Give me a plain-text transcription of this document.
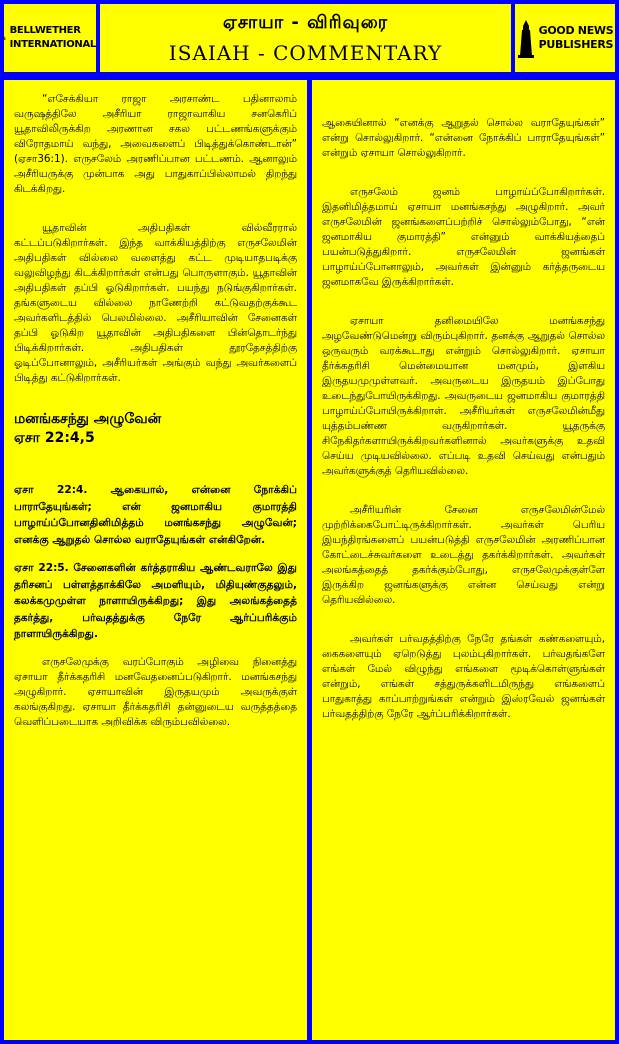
BELLWETHER
INTERNATIONAL
ஏசாயா - விரிவுரை
ISAIAH - COMMENTARY
GOOD NEWS
PUBLISHERS

“எசேக்கியா ராஜா அரசாண்ட பதினாலாம் வருஷத்திலே அசீரியா ராஜாவாகிய சனகெரிப் யூதாவிலிருக்கிற அரணான சகல பட்டணங்களுக்கும் விரோதமாய் வந்து, அவைகளைப் பிடித்துக்கொண்டான்” (ஏசா36:1). எருசலேம் அரணிப்பான பட்டணம். ஆனாலும் அசீரியருக்கு முன்பாக அது பாதுகாப்பில்லாமல் திறந்து கிடக்கிறது.

யூதாவின் அதிபதிகள் வில்வீரரால் கட்டப்படுகிறார்கள். இந்த வாக்கியத்திற்கு எருசலேமின் அதிபதிகள் வில்லை வளைத்து கட்ட முடியாதபடிக்கு வலுவிழந்து கிடக்கிறார்கள் என்பது பொருளாகும். யூதாவின் அதிபதிகள் தப்பி ஓடுகிறார்கள். பயந்து நடுங்குகிறார்கள். தங்களுடைய வில்லை நாணேற்றி கட்டுவதற்குக்கூட அவர்களிடத்தில் பெலமில்லை. அசீரியாவின் சேனைகள் தப்பி ஓடுகிற யூதாவின் அதிபதிகளை பின்தொடர்ந்து பிடிக்கிறார்கள். அதிபதிகள் தூரதேசத்திற்கு ஓடிப்போனாலும், அசீரியர்கள் அங்கும் வந்து அவர்களைப் பிடித்து கட்டுகிறார்கள்.

மனங்கசந்து அழுவேன்
ஏசா 22:4,5

ஏசா 22:4. ஆகையால், என்னை நோக்கிப் பாராதேயுங்கள்; என் ஜனமாகிய குமாரத்தி பாழாய்ப்போனதினிமித்தம் மனங்கசந்து அழுவேன்; எனக்கு ஆறுதல் சொல்ல வராதேயுங்கள் என்கிறேன்.

ஏசா 22:5. சேனைகளின் கர்த்தராகிய ஆண்டவராலே இது தரிசனப் பள்ளத்தாக்கிலே அமளியும், மிதியுண்குதலும், கலக்கமுமுள்ள நாளாயிருக்கிறது; இது அலங்கத்தைத் தகர்த்து, பர்வதத்துக்கு நேரே ஆர்ப்பரிக்கும் நாளாயிருக்கிறது.

எருசலேமுக்கு வரப்போகும் அழிவை நினைத்து ஏசாயா தீர்க்கதரிசி மனவேதனைப்படுகிறார். மனங்கசந்து அழுகிறார். ஏசாயாவின் இருதயமும் அவருக்குள் கலங்குகிறது. ஏசாயா தீர்க்கதரிசி தன்னுடைய வருத்தத்தை வெளிப்படையாக அறிவிக்க விரும்பவில்லை.

ஆகையினால் “எனக்கு ஆறுதல் சொல்ல வராதேயுங்கள்” என்று சொல்லுகிறார். “என்னை நோக்கிப் பாராதேயுங்கள்” என்றும் ஏசாயா சொல்லுகிறார்.

எருசலேம் ஜனம் பாழாய்ப்போகிறார்கள். இதனிமித்தமாய் ஏசாயா மனங்கசந்து அழுகிறார். அவர் எருசலேமின் ஜனங்களைப்பற்றிச் சொல்லும்போது, “என் ஜனமாகிய குமாரத்தி” என்னும் வாக்கியத்தைப் பயன்படுத்துகிறார். எருசலேமின் ஜனங்கள் பாழாய்ப்போனாலும், அவர்கள் இன்னும் கர்த்தருடைய ஜனமாகவே இருக்கிறார்கள்.

ஏசாயா தனிமையிலே மனங்கசந்து அழவேண்டுமென்று விரும்புகிறார். தனக்கு ஆறுதல் சொல்ல ஒருவரும் வரக்கூடாது என்றும் சொல்லுகிறார். ஏசாயா தீர்க்கதரிசி மென்மையான மனமும், இளகிய இருதயமுமுள்ளவர். அவருடைய இருதயம் இப்போது உடைந்துபோயிருக்கிறது. அவருடைய ஜனமாகிய குமாரத்தி பாழாய்ப்போயிருக்கிறாள். அசீரியர்கள் எருசலேமின்மீது யுத்தம்பண்ண வருகிறார்கள். யூதருக்கு சிநேகிதர்களாயிருக்கிறவர்களினால் அவர்களுக்கு உதவி செய்ய முடியவில்லை. எப்படி உதவி செய்வது என்பதும் அவர்களுக்குத் தெரியவில்லை.

அசீரியரின் சேனை எருசலேமின்மேல் முற்றிக்கைபோட்டிருக்கிறார்கள். அவர்கள் பெரிய இயந்திரங்களைப் பயன்படுத்தி எருசலேமின் அரணிப்பான கோட்டைச்சுவர்களை உடைத்து தகர்க்கிறார்கள். அவர்கள் அலங்கத்தைத் தகர்க்கும்போது, எருசலேமுக்குள்ளே இருக்கிற ஜனங்களுக்கு என்ன செய்வது என்று தெரியவில்லை.

அவர்கள் பர்வதத்திற்கு நேரே தங்கள் கண்களையும், கைகளையும் ஏறெடுத்து புலம்புகிறார்கள். பர்வதங்களே எங்கள் மேல் விழுந்து எங்களை மூடிக்கொள்ளுங்கள் என்றும், எங்கள் சத்துருக்களிடமிருந்து எங்களைப் பாதுகாத்து காப்பாற்றுங்கள் என்றும் இஸ்ரவேல் ஜனங்கள் பர்வதத்திற்கு நேரே ஆர்ப்பரிக்கிறார்கள்.
